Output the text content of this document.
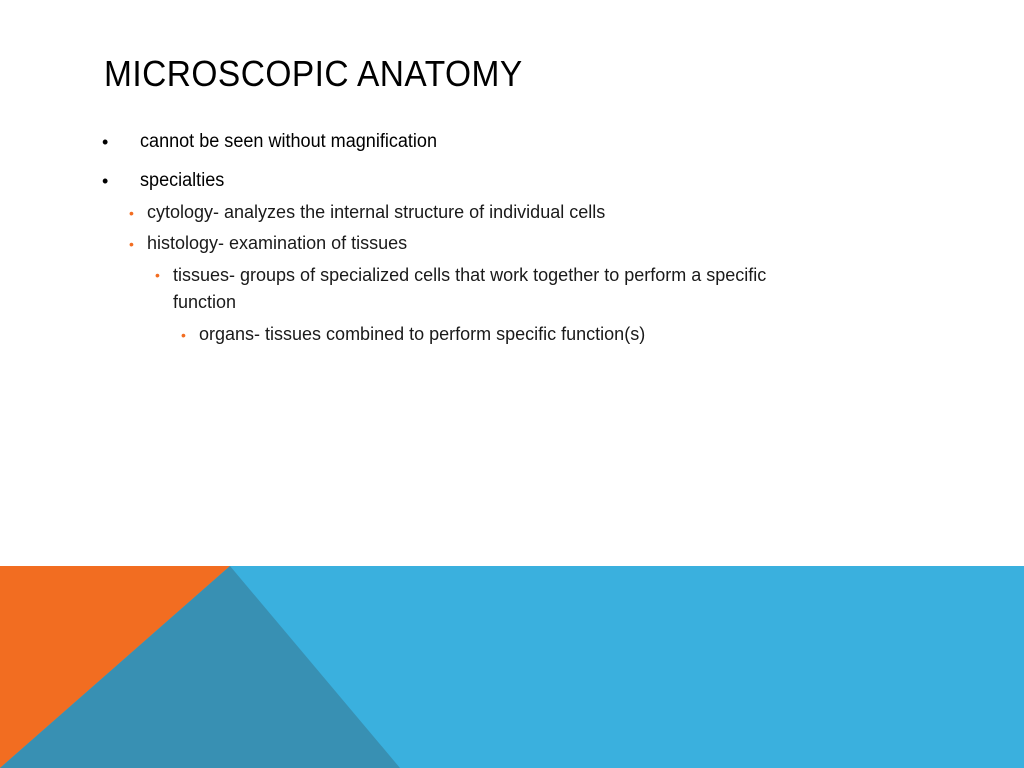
MICROSCOPIC ANATOMY
• cannot be seen without magnification
• specialties
• cytology- analyzes the internal structure of individual cells
• histology- examination of tissues
• tissues- groups of specialized cells that work together to perform a specific
function
• organs- tissues combined to perform specific function(s)
